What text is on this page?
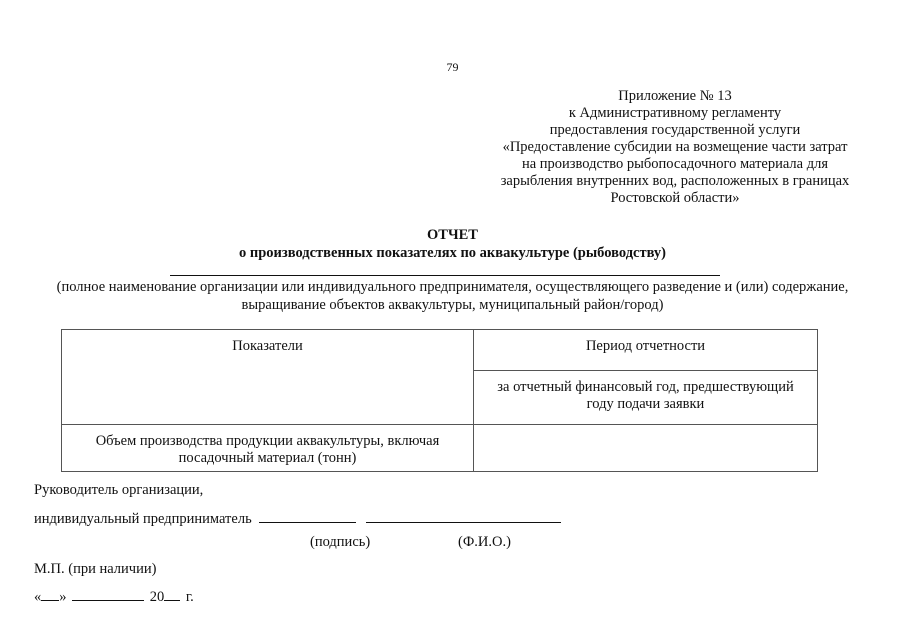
79
Приложение № 13
к Административному регламенту
предоставления государственной услуги
«Предоставление субсидии на возмещение части затрат
на производство рыбопосадочного материала для
зарыбления внутренних вод, расположенных в границах
Ростовской области»
ОТЧЕТ
о производственных показателях по аквакультуре (рыбоводству)
(полное наименование организации или индивидуального предпринимателя, осуществляющего разведение и (или) содержание,
выращивание объектов аквакультуры, муниципальный район/город)
Показатели	Период отчетности

	за отчетный финансовый год, предшествующий
году подачи заявки

Объем производства продукции аквакультуры, включая
посадочный материал (тонн)	

Руководитель организации,
индивидуальный предприниматель
(подпись)	(Ф.И.О.)
М.П. (при наличии)
« »	20 г.
